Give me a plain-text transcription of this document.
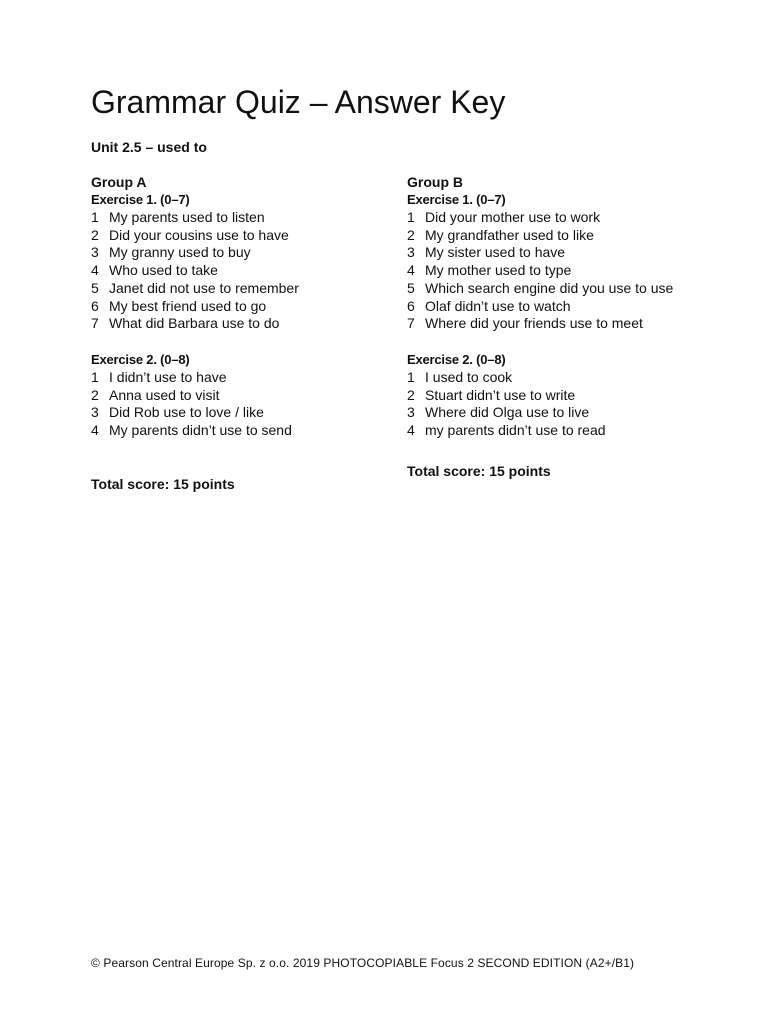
Grammar Quiz – Answer Key
Unit 2.5 – used to
Group A
Exercise 1. (0–7)
1 My parents used to listen
2 Did your cousins use to have
3 My granny used to buy
4 Who used to take
5 Janet did not use to remember
6 My best friend used to go
7 What did Barbara use to do
Exercise 2. (0–8)
1 I didn’t use to have
2 Anna used to visit
3 Did Rob use to love / like
4 My parents didn’t use to send
Total score: 15 points
Group B
Exercise 1. (0–7)
1 Did your mother use to work
2 My grandfather used to like
3 My sister used to have
4 My mother used to type
5 Which search engine did you use to use
6 Olaf didn’t use to watch
7 Where did your friends use to meet
Exercise 2. (0–8)
1 I used to cook
2 Stuart didn’t use to write
3 Where did Olga use to live
4 my parents didn’t use to read
Total score: 15 points
© Pearson Central Europe Sp. z o.o. 2019 PHOTOCOPIABLE Focus 2 SECOND EDITION (A2+/B1)
